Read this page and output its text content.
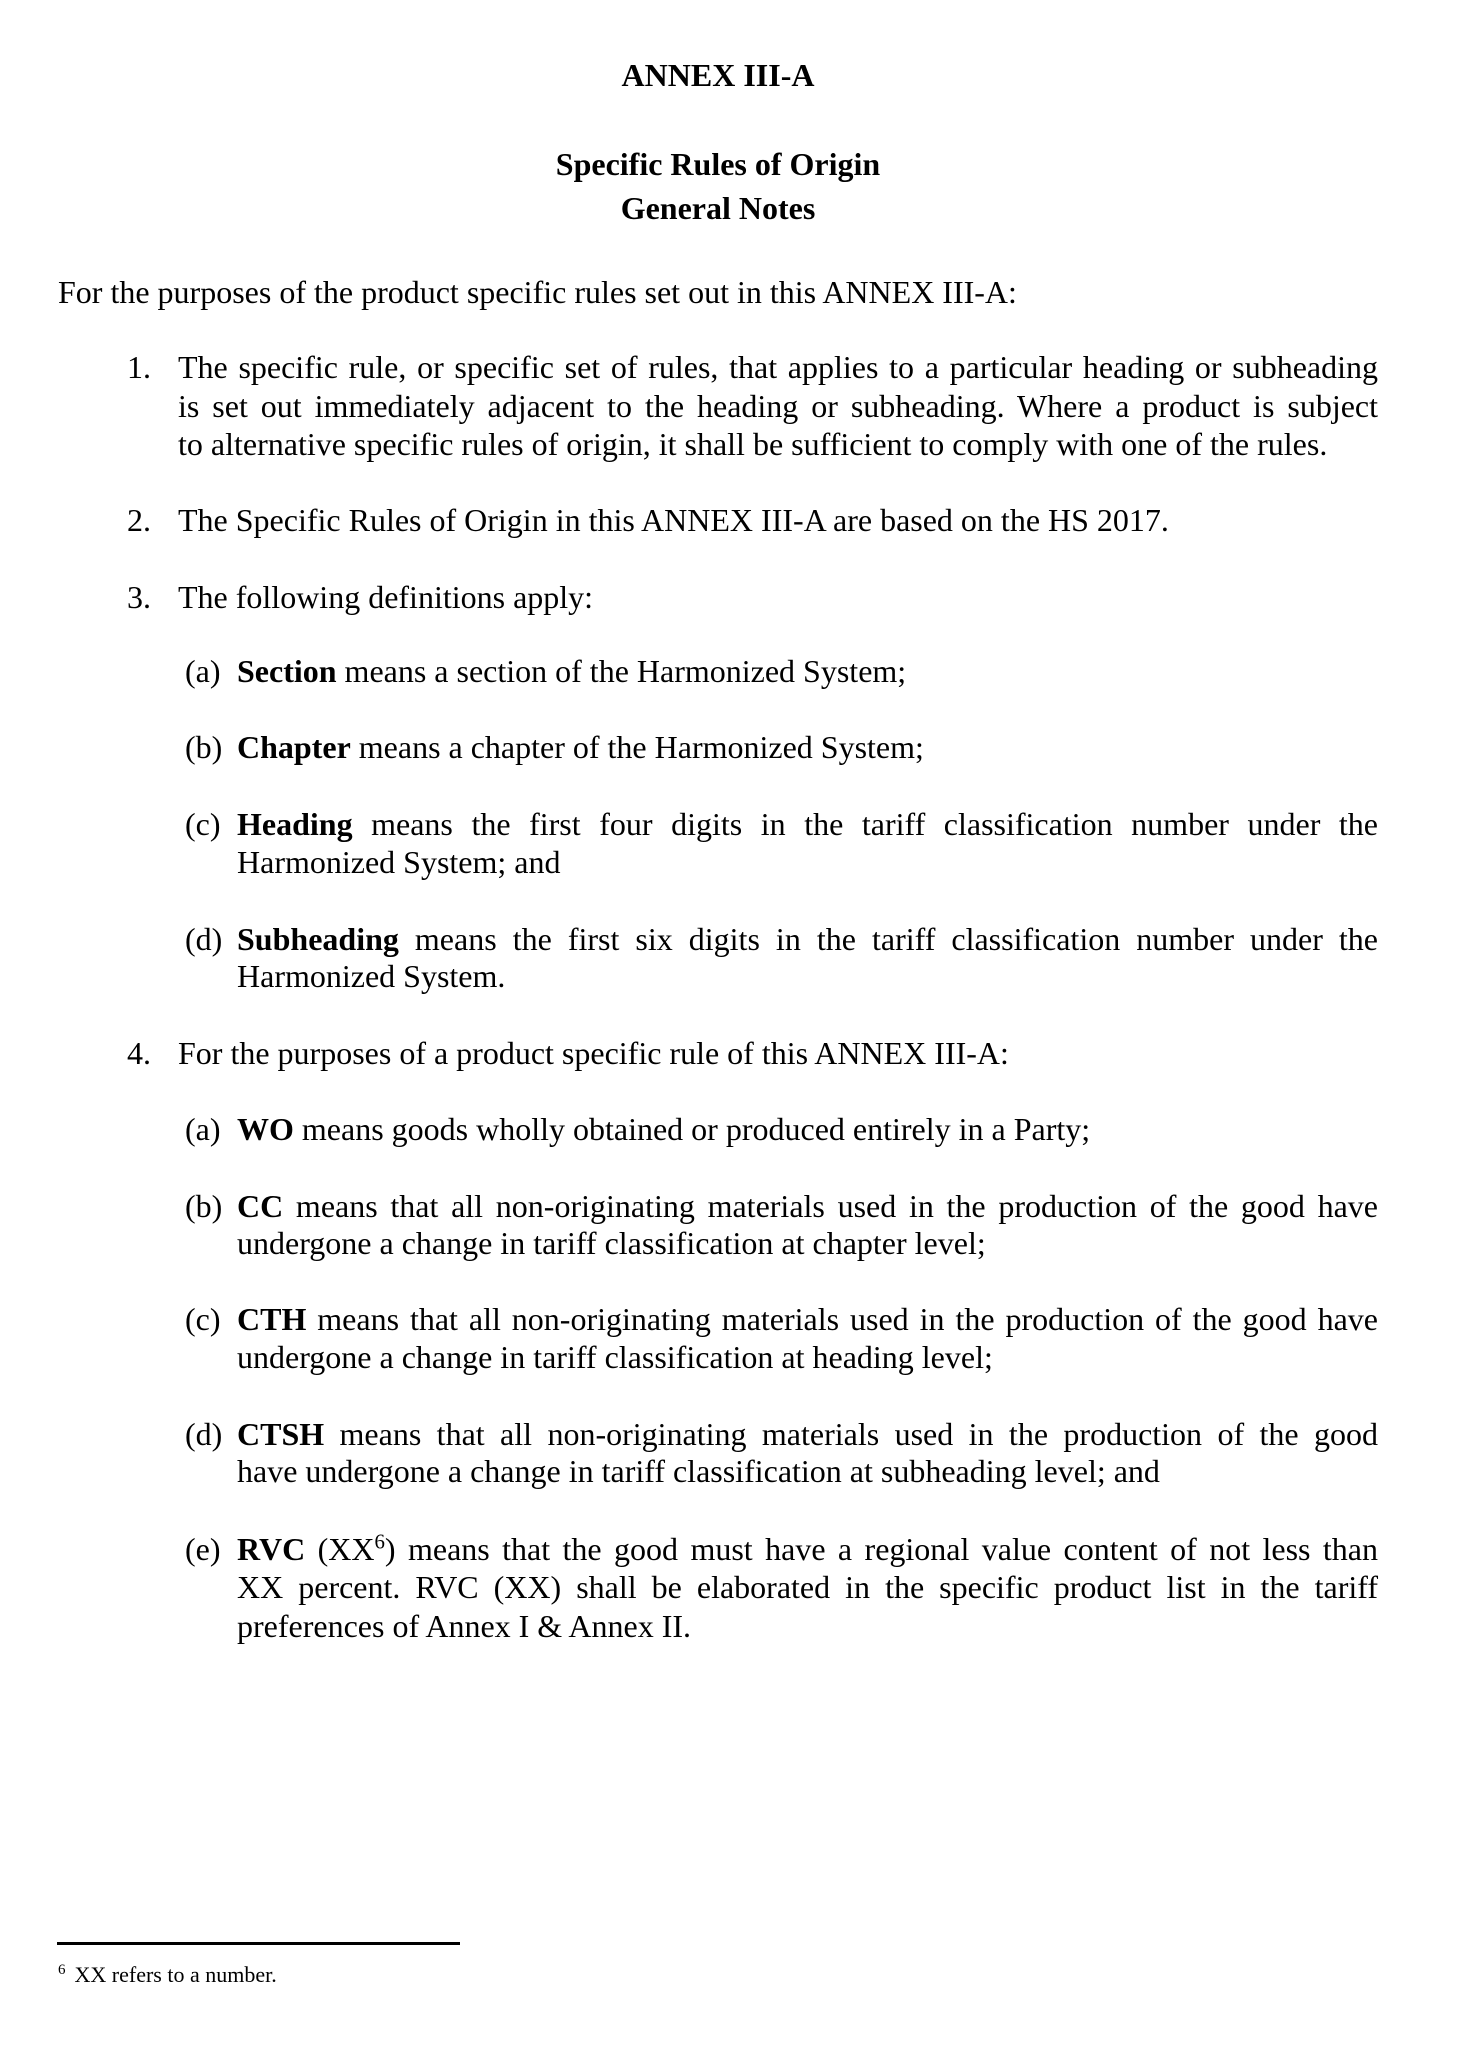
ANNEX III-A
Specific Rules of Origin
General Notes
For the purposes of the product specific rules set out in this ANNEX III-A:
1. The specific rule, or specific set of rules, that applies to a particular heading or subheading
is set out immediately adjacent to the heading or subheading. Where a product is subject
to alternative specific rules of origin, it shall be sufficient to comply with one of the rules.
2. The Specific Rules of Origin in this ANNEX III-A are based on the HS 2017.
3. The following definitions apply:
(a) Section means a section of the Harmonized System;
(b) Chapter means a chapter of the Harmonized System;
(c) Heading means the first four digits in the tariff classification number under the
Harmonized System; and
(d) Subheading means the first six digits in the tariff classification number under the
Harmonized System.
4. For the purposes of a product specific rule of this ANNEX III-A:
(a) WO means goods wholly obtained or produced entirely in a Party;
(b) CC means that all non-originating materials used in the production of the good have
undergone a change in tariff classification at chapter level;
(c) CTH means that all non-originating materials used in the production of the good have
undergone a change in tariff classification at heading level;
(d) CTSH means that all non-originating materials used in the production of the good
have undergone a change in tariff classification at subheading level; and
(e) RVC $(XX^6)$ means that the good must have a regional value content of not less than
XX percent. RVC (XX) shall be elaborated in the specific product list in the tariff
preferences of Annex I & Annex II.
$^6$ XX refers to a number.
